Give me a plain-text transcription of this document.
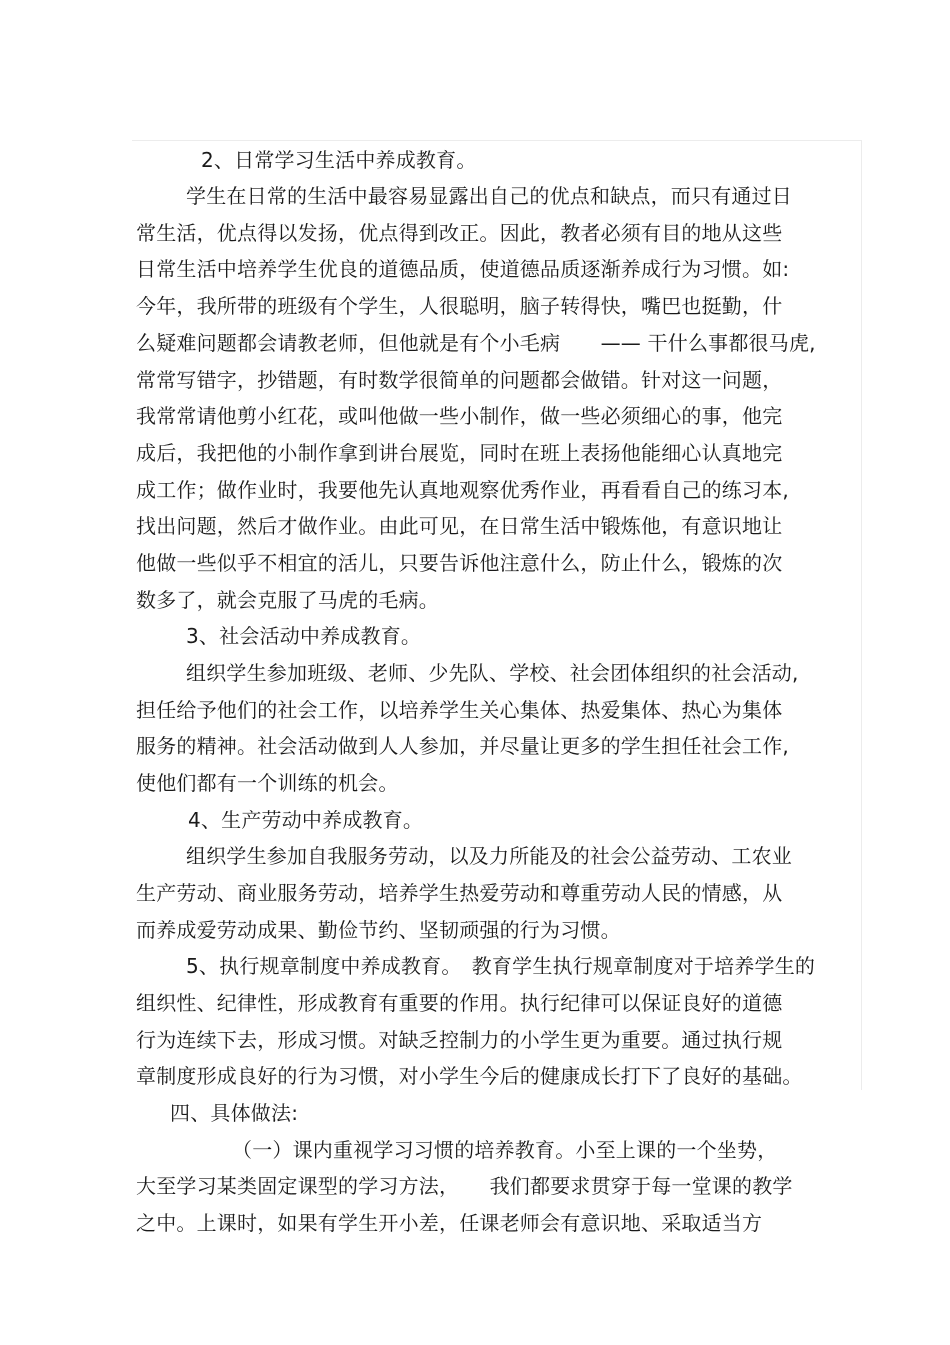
2、日常学习生活中养成教育。
学生在日常的生活中最容易显露出自己的优点和缺点，而只有通过日
常生活，优点得以发扬，优点得到改正。因此，教者必须有目的地从这些
日常生活中培养学生优良的道德品质，使道德品质逐渐养成行为习惯。如:
今年，我所带的班级有个学生，人很聪明，脑子转得快，嘴巴也挺勤，什
么疑难问题都会请教老师，但他就是有个小毛病　　—— 干什么事都很马虎,
常常写错字，抄错题，有时数学很简单的问题都会做错。针对这一问题，
我常常请他剪小红花，或叫他做一些小制作，做一些必须细心的事，他完
成后，我把他的小制作拿到讲台展览，同时在班上表扬他能细心认真地完
成工作；做作业时，我要他先认真地观察优秀作业，再看看自己的练习本,
找出问题，然后才做作业。由此可见，在日常生活中锻炼他，有意识地让
他做一些似乎不相宜的活儿，只要告诉他注意什么，防止什么，锻炼的次
数多了，就会克服了马虎的毛病。
3、社会活动中养成教育。
组织学生参加班级、老师、少先队、学校、社会团体组织的社会活动,
担任给予他们的社会工作，以培养学生关心集体、热爱集体、热心为集体
服务的精神。社会活动做到人人参加，并尽量让更多的学生担任社会工作,
使他们都有一个训练的机会。
4、生产劳动中养成教育。
组织学生参加自我服务劳动，以及力所能及的社会公益劳动、工农业
生产劳动、商业服务劳动，培养学生热爱劳动和尊重劳动人民的情感，从
而养成爱劳动成果、勤俭节约、坚韧顽强的行为习惯。
5、执行规章制度中养成教育。　教育学生执行规章制度对于培养学生的
组织性、纪律性，形成教育有重要的作用。执行纪律可以保证良好的道德
行为连续下去，形成习惯。对缺乏控制力的小学生更为重要。通过执行规
章制度形成良好的行为习惯，对小学生今后的健康成长打下了良好的基础。
四、具体做法:
（一）课内重视学习习惯的培养教育。小至上课的一个坐势，
大至学习某类固定课型的学习方法，　　我们都要求贯穿于每一堂课的教学
之中。上课时，如果有学生开小差，任课老师会有意识地、采取适当方
